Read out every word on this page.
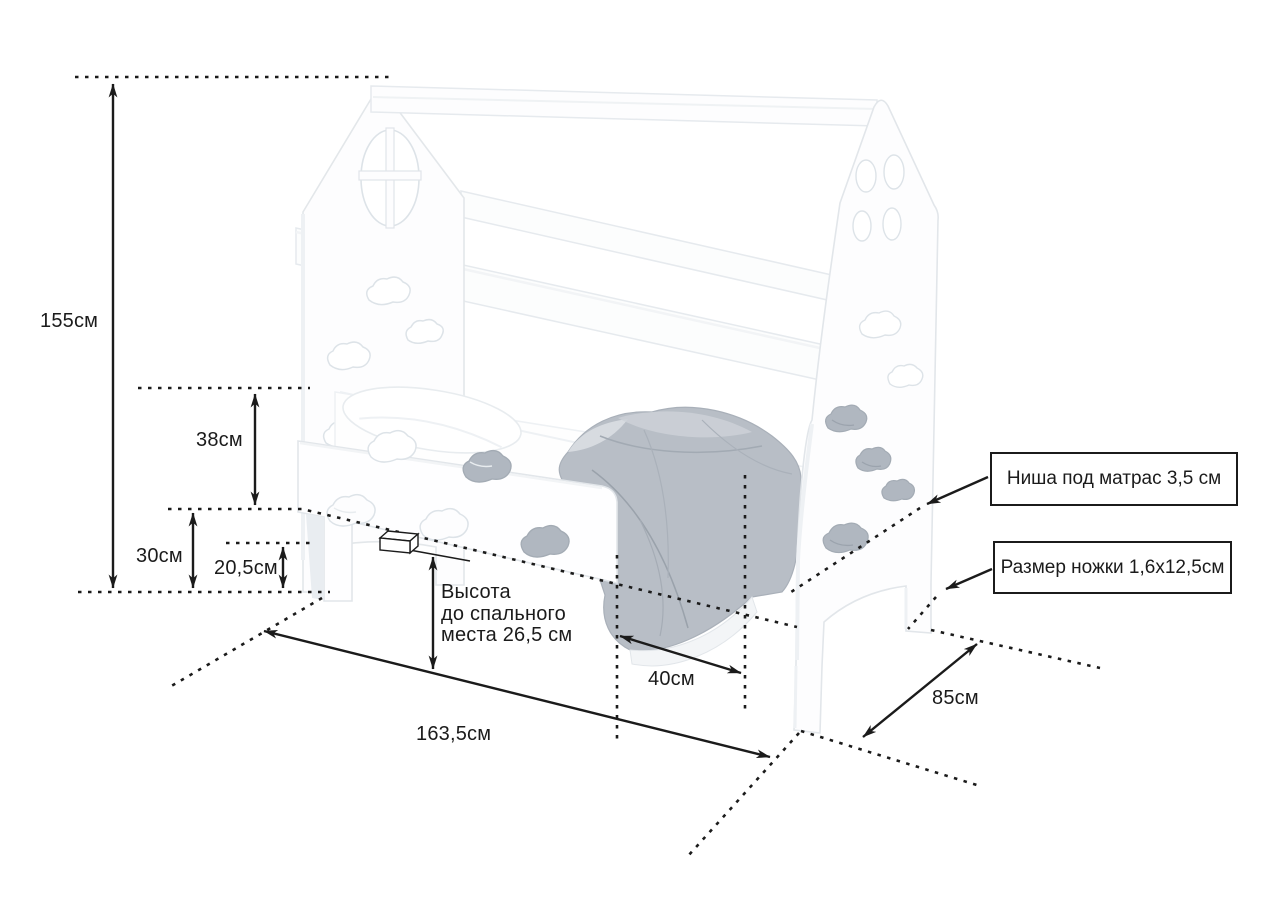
155см
38см
30см
20,5см
Высота
до спального
места 26,5 см
163,5см
40см
85см
Ниша под матрас 3,5 см
Размер ножки 1,6х12,5см
